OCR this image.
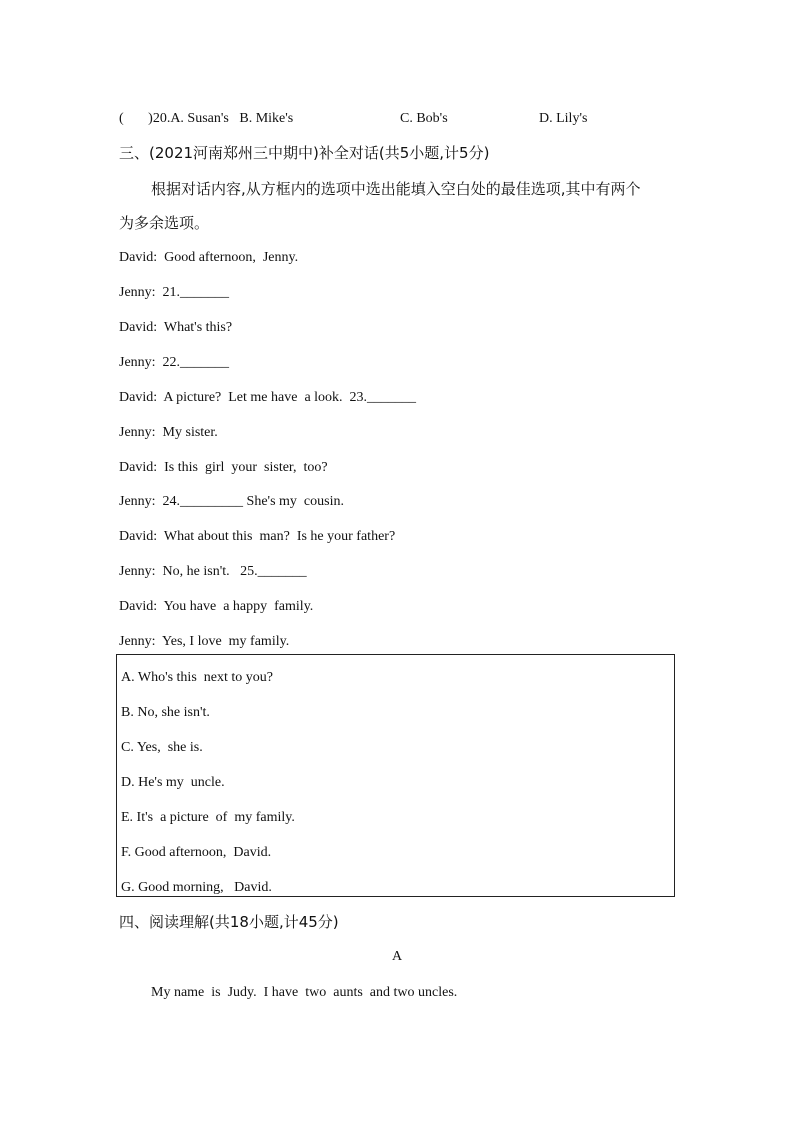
(       )20.A. Susan's   B. Mike's	C. Bob's	D. Lily's
三、(2021河南郑州三中期中)补全对话(共5小题,计5分)
根据对话内容,从方框内的选项中选出能填入空白处的最佳选项,其中有两个
为多余选项。
David:  Good afternoon,  Jenny.
Jenny:  21._______
David:  What's this?
Jenny:  22._______
David:  A picture?  Let me have  a look.  23._______
Jenny:  My sister.
David:  Is this  girl  your  sister,  too?
Jenny:  24._________ She's my  cousin.
David:  What about this  man?  Is he your father?
Jenny:  No, he isn't.   25._______
David:  You have  a happy  family.
Jenny:  Yes, I love  my family.
A. Who's this  next to you?
B. No, she isn't.
C. Yes,  she is.
D. He's my  uncle.
E. It's  a picture  of  my family.
F. Good afternoon,  David.
G. Good morning,   David.
四、阅读理解(共18小题,计45分)
A
My name  is  Judy.  I have  two  aunts  and two uncles.
